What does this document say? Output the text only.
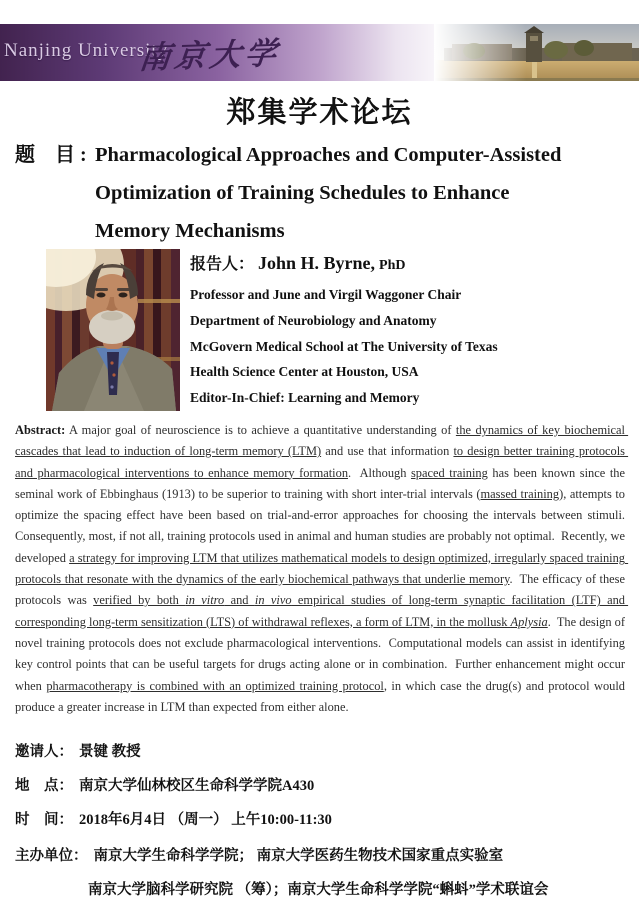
Nanjing University
南京大学
郑集学术论坛
题　目 : Pharmacological Approaches and Computer-Assisted
Optimization of Training Schedules to Enhance
Memory Mechanisms
报告人： John H. Byrne, PhD
Professor and June and Virgil Waggoner Chair
Department of Neurobiology and Anatomy
McGovern Medical School at The University of Texas
Health Science Center at Houston, USA
Editor-In-Chief: Learning and Memory

Abstract: A major goal of neuroscience is to achieve a quantitative understanding of the dynamics of key biochemical cascades that lead to induction of long-term memory (LTM) and use that information to design better training protocols and pharmacological interventions to enhance memory formation.  Although spaced training has been known since the seminal work of Ebbinghaus (1913) to be superior to training with short inter-trial intervals (massed training), attempts to optimize the spacing effect have been based on trial-and-error approaches for choosing the intervals between stimuli.  Consequently, most, if not all, training protocols used in animal and human studies are probably not optimal.  Recently, we developed a strategy for improving LTM that utilizes mathematical models to design optimized, irregularly spaced training protocols that resonate with the dynamics of the early biochemical pathways that underlie memory.  The efficacy of these protocols was verified by both in vitro and in vivo empirical studies of long-term synaptic facilitation (LTF) and corresponding long-term sensitization (LTS) of withdrawal reflexes, a form of LTM, in the mollusk Aplysia.  The design of novel training protocols does not exclude pharmacological interventions.  Computational models can assist in identifying key control points that can be useful targets for drugs acting alone or in combination.  Further enhancement might occur when pharmacotherapy is combined with an optimized training protocol, in which case the drug(s) and protocol would produce a greater increase in LTM than expected from either alone.

邀请人： 景键 教授
地　点： 南京大学仙林校区生命科学学院A430
时　间： 2018年6月4日 （周一） 上午10:00-11:30
主办单位： 南京大学生命科学学院； 南京大学医药生物技术国家重点实验室
南京大学脑科学研究院 （筹）；南京大学生命科学学院“蝌蚪”学术联谊会
